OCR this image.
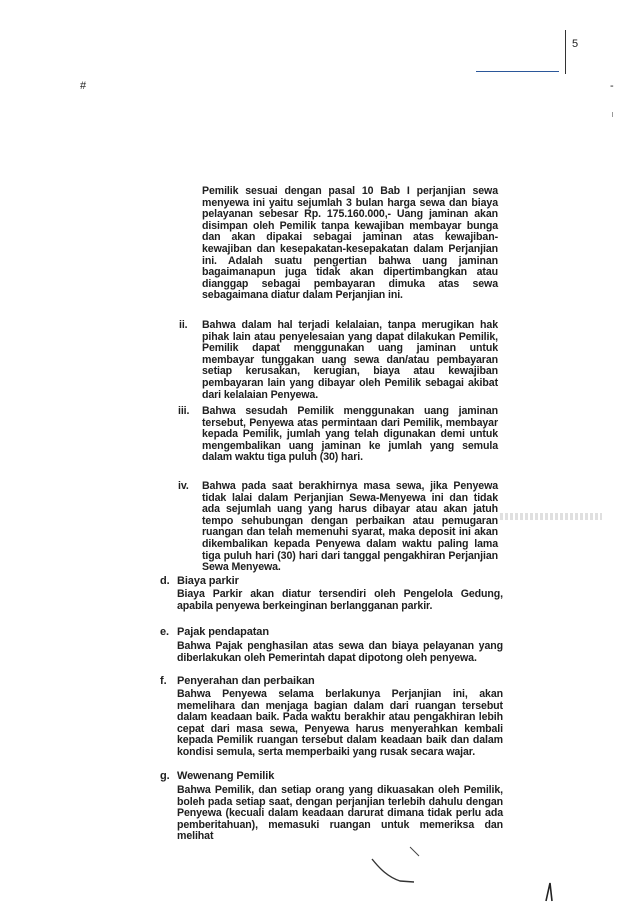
5
#	-

Pemilik sesuai dengan pasal 10 Bab I perjanjian sewa menyewa ini yaitu sejumlah 3 bulan harga sewa dan biaya pelayanan sebesar Rp. 175.160.000,- Uang jaminan akan disimpan oleh Pemilik tanpa kewajiban membayar bunga dan akan dipakai sebagai jaminan atas kewajiban-kewajiban dan kesepakatan-kesepakatan dalam Perjanjian ini. Adalah suatu pengertian bahwa uang jaminan bagaimanapun juga tidak akan dipertimbangkan atau dianggap sebagai pembayaran dimuka atas sewa sebagaimana diatur dalam Perjanjian ini.

ii. Bahwa dalam hal terjadi kelalaian, tanpa merugikan hak pihak lain atau penyelesaian yang dapat dilakukan Pemilik, Pemilik dapat menggunakan uang jaminan untuk membayar tunggakan uang sewa dan/atau pembayaran setiap kerusakan, kerugian, biaya atau kewajiban pembayaran lain yang dibayar oleh Pemilik sebagai akibat dari kelalaian Penyewa.

iii. Bahwa sesudah Pemilik menggunakan uang jaminan tersebut, Penyewa atas permintaan dari Pemilik, membayar kepada Pemilik, jumlah yang telah digunakan demi untuk mengembalikan uang jaminan ke jumlah yang semula dalam waktu tiga puluh (30) hari.

iv. Bahwa pada saat berakhirnya masa sewa, jika Penyewa tidak lalai dalam Perjanjian Sewa-Menyewa ini dan tidak ada sejumlah uang yang harus dibayar atau akan jatuh tempo sehubungan dengan perbaikan atau pemugaran ruangan dan telah memenuhi syarat, maka deposit ini akan dikembalikan kepada Penyewa dalam waktu paling lama tiga puluh hari (30) hari dari tanggal pengakhiran Perjanjian Sewa Menyewa.

d. Biaya parkir

Biaya Parkir akan diatur tersendiri oleh Pengelola Gedung, apabila penyewa berkeinginan berlangganan parkir.

e. Pajak pendapatan

Bahwa Pajak penghasilan atas sewa dan biaya pelayanan yang diberlakukan oleh Pemerintah dapat dipotong oleh penyewa.

f. Penyerahan dan perbaikan

Bahwa Penyewa selama berlakunya Perjanjian ini, akan memelihara dan menjaga bagian dalam dari ruangan tersebut dalam keadaan baik. Pada waktu berakhir atau pengakhiran lebih cepat dari masa sewa, Penyewa harus menyerahkan kembali kepada Pemilik ruangan tersebut dalam keadaan baik dan dalam kondisi semula, serta memperbaiki yang rusak secara wajar.

g. Wewenang Pemilik

Bahwa Pemilik, dan setiap orang yang dikuasakan oleh Pemilik, boleh pada setiap saat, dengan perjanjian terlebih dahulu dengan Penyewa (kecuali dalam keadaan darurat dimana tidak perlu ada pemberitahuan), memasuki ruangan untuk memeriksa dan melihat
